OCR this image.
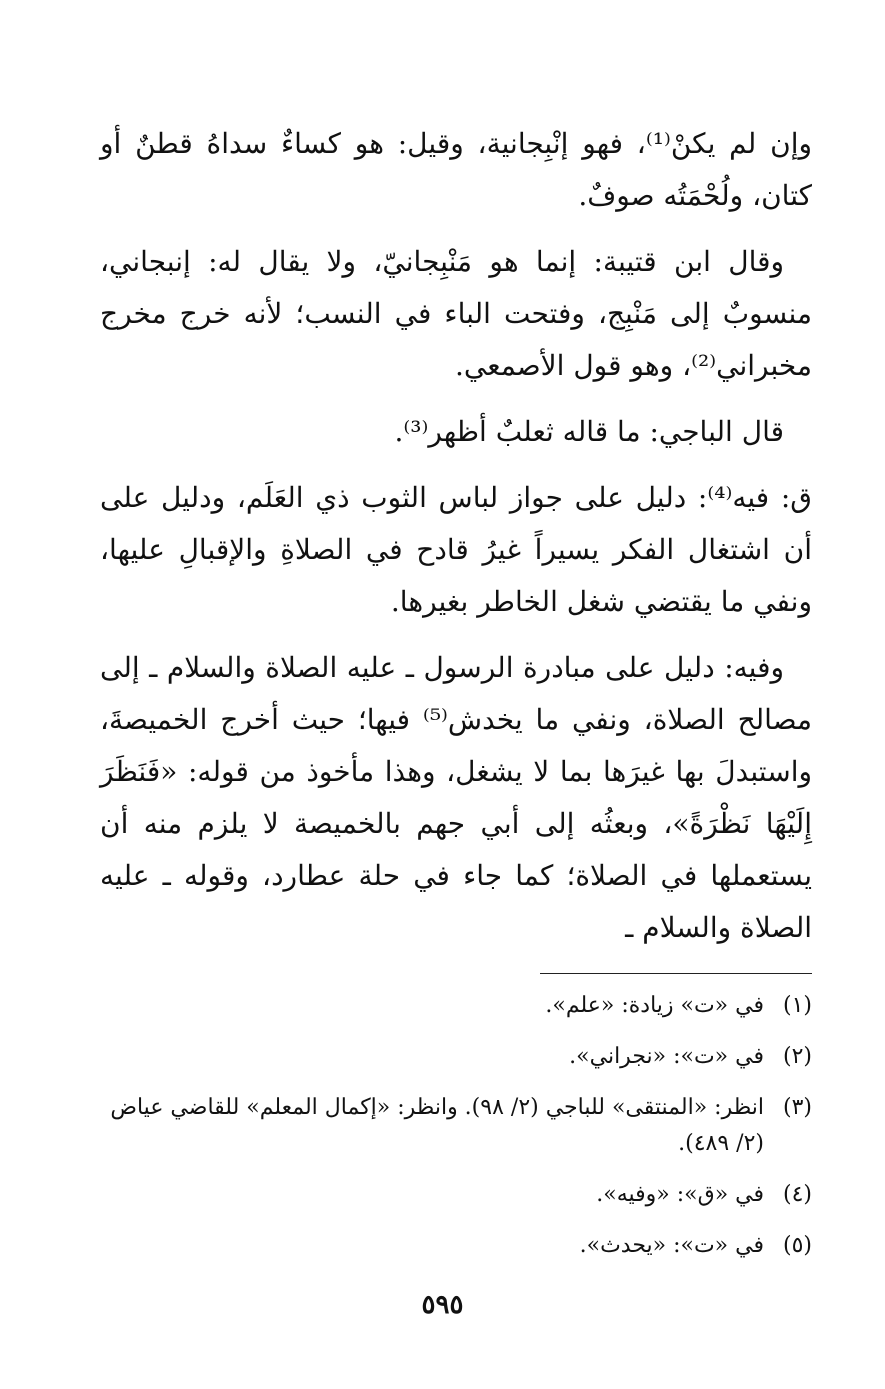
وإن لم يكنْ⁽¹⁾، فهو إنْبِجانية، وقيل: هو كساءٌ سداهُ قطنٌ أو كتان، ولُحْمَتُه صوفٌ.

وقال ابن قتيبة: إنما هو مَنْبِجانيّ، ولا يقال له: إنبجاني، منسوبٌ إلى مَنْبِج، وفتحت الباء في النسب؛ لأنه خرج مخرج مخبراني⁽²⁾، وهو قول الأصمعي.

قال الباجي: ما قاله ثعلبٌ أظهر⁽³⁾.

ق: فيه⁽⁴⁾: دليل على جواز لباس الثوب ذي العَلَم، ودليل على أن اشتغال الفكر يسيراً غيرُ قادح في الصلاةِ والإقبالِ عليها، ونفي ما يقتضي شغل الخاطر بغيرها.

وفيه: دليل على مبادرة الرسول ـ عليه الصلاة والسلام ـ إلى مصالح الصلاة، ونفي ما يخدش⁽⁵⁾ فيها؛ حيث أخرج الخميصةَ، واستبدلَ بها غيرَها بما لا يشغل، وهذا مأخوذ من قوله: «فَنَظَرَ إِلَيْهَا نَظْرَةً»، وبعثُه إلى أبي جهم بالخميصة لا يلزم منه أن يستعملها في الصلاة؛ كما جاء في حلة عطارد، وقوله ـ عليه الصلاة والسلام ـ

(١)
في «ت» زيادة: «علم».
(٢)
في «ت»: «نجراني».
(٣)
انظر: «المنتقى» للباجي (٢/ ٩٨). وانظر: «إكمال المعلم» للقاضي عياض (٢/ ٤٨٩).
(٤)
في «ق»: «وفيه».
(٥)
في «ت»: «يحدث».
٥٩٥
